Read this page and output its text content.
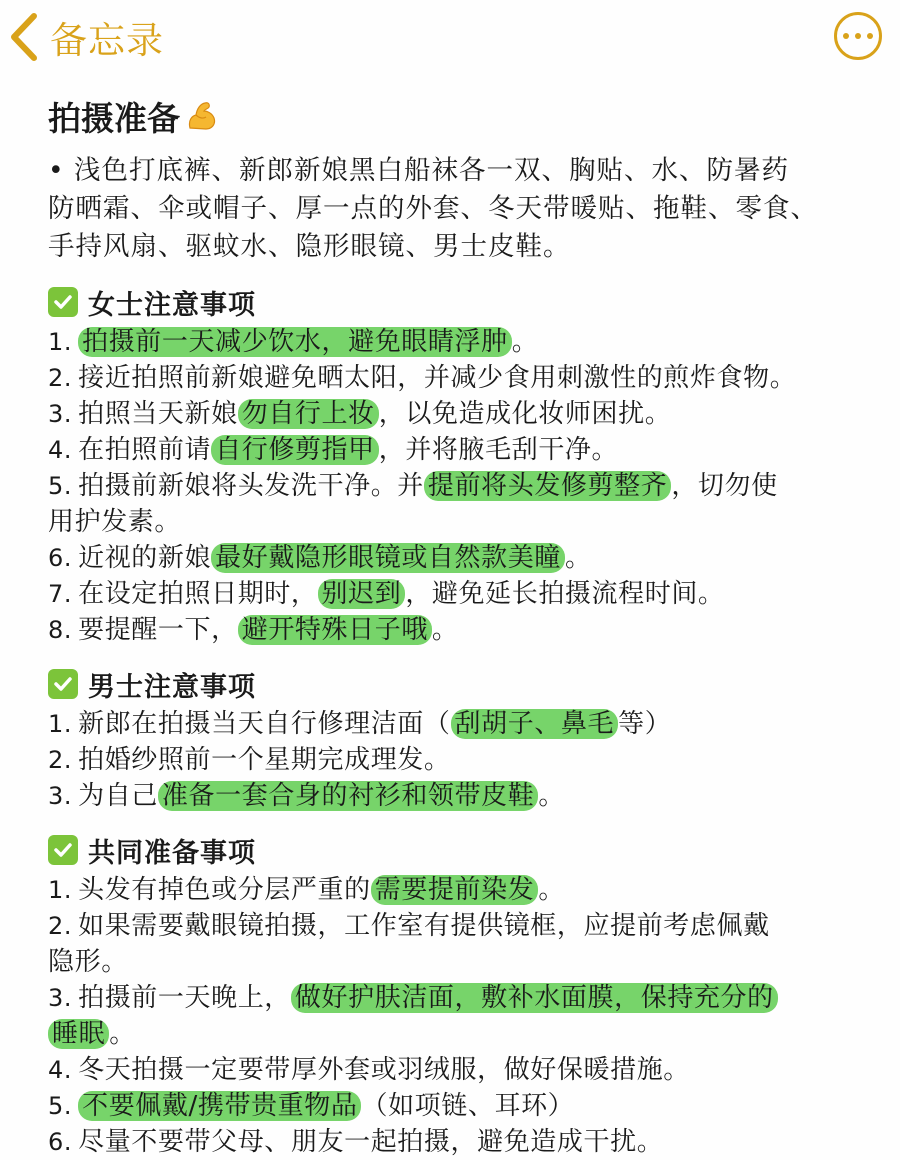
备忘录
拍摄准备
• 浅色打底裤、新郎新娘黑白船袜各一双、胸贴、水、防暑药
防晒霜、伞或帽子、厚一点的外套、冬天带暖贴、拖鞋、零食、
手持风扇、驱蚊水、隐形眼镜、男士皮鞋。
女士注意事项
1. 拍摄前一天减少饮水，避免眼睛浮肿 。
2. 接近拍照前新娘避免晒太阳，并减少食用刺激性的煎炸食物。
3. 拍照当天新娘 勿自行上妆 ，以免造成化妆师困扰。
4. 在拍照前请 自行修剪指甲 ，并将腋毛刮干净。
5. 拍摄前新娘将头发洗干净。并 提前将头发修剪整齐 ，切勿使
用护发素。
6. 近视的新娘 最好戴隐形眼镜或自然款美瞳 。
7. 在设定拍照日期时， 别迟到 ，避免延长拍摄流程时间。
8. 要提醒一下， 避开特殊日子哦 。
男士注意事项
1. 新郎在拍摄当天自行修理洁面（ 刮胡子、鼻毛 等）
2. 拍婚纱照前一个星期完成理发。
3. 为自己 准备一套合身的衬衫和领带皮鞋 。
共同准备事项
1. 头发有掉色或分层严重的 需要提前染发 。
2. 如果需要戴眼镜拍摄，工作室有提供镜框，应提前考虑佩戴
隐形。
3. 拍摄前一天晚上， 做好护肤洁面，敷补水面膜，保持充分的
睡眠 。
4. 冬天拍摄一定要带厚外套或羽绒服，做好保暖措施。
5. 不要佩戴/携带贵重物品 （如项链、耳环）
6. 尽量不要带父母、朋友一起拍摄，避免造成干扰。
